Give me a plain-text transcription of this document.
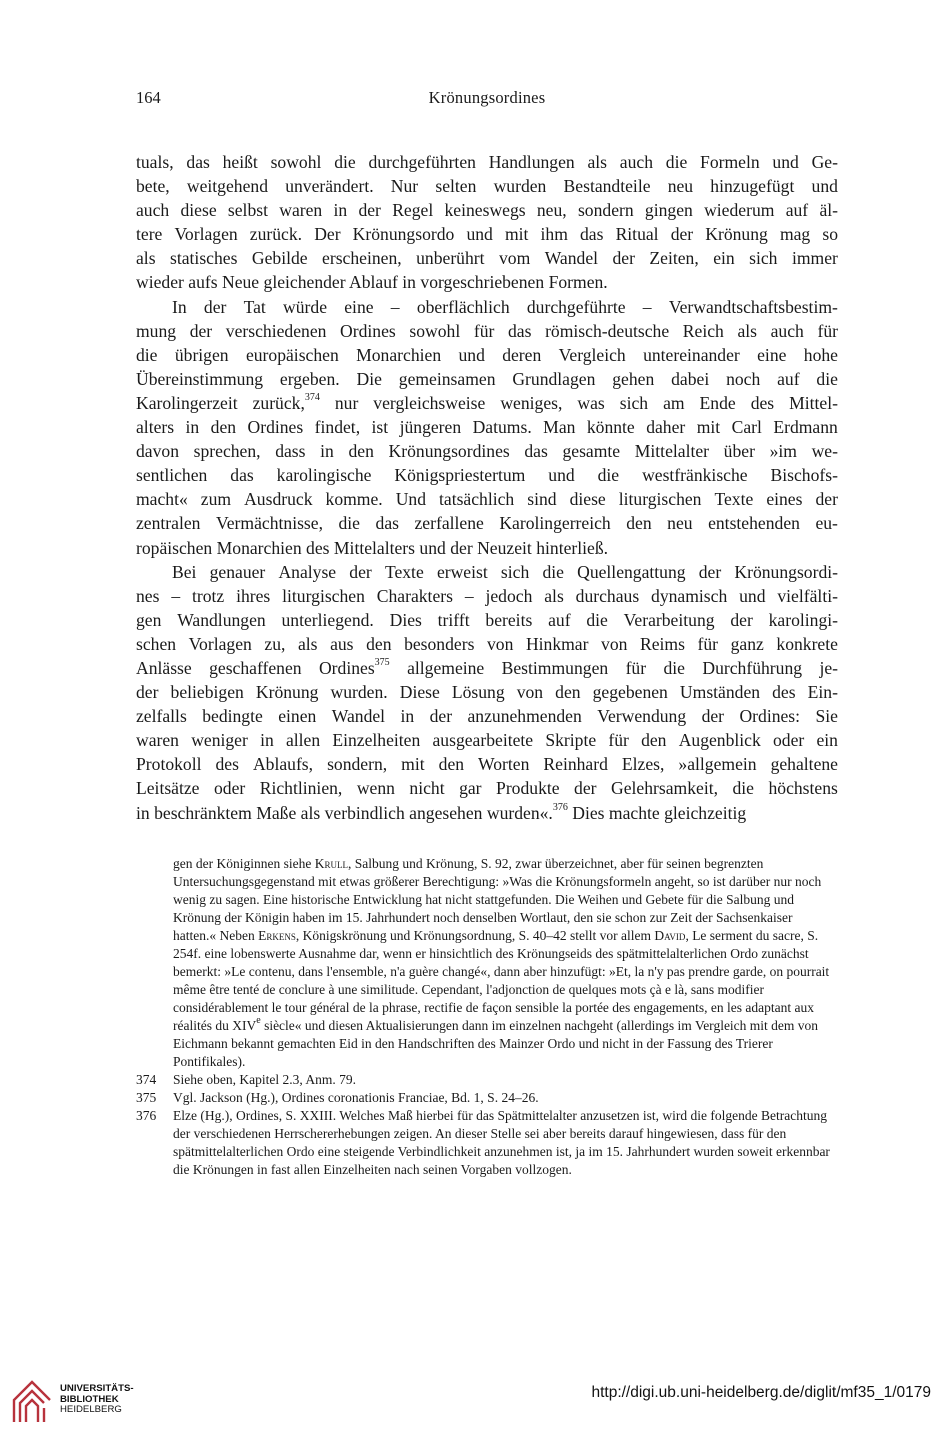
164	Krönungsordines
tuals, das heißt sowohl die durchgeführten Handlungen als auch die Formeln und Ge-
bete, weitgehend unverändert. Nur selten wurden Bestandteile neu hinzugefügt und
auch diese selbst waren in der Regel keineswegs neu, sondern gingen wiederum auf äl-
tere Vorlagen zurück. Der Krönungsordo und mit ihm das Ritual der Krönung mag so
als statisches Gebilde erscheinen, unberührt vom Wandel der Zeiten, ein sich immer
wieder aufs Neue gleichender Ablauf in vorgeschriebenen Formen.
In der Tat würde eine – oberflächlich durchgeführte – Verwandtschaftsbestim-
mung der verschiedenen Ordines sowohl für das römisch-deutsche Reich als auch für
die übrigen europäischen Monarchien und deren Vergleich untereinander eine hohe
Übereinstimmung ergeben. Die gemeinsamen Grundlagen gehen dabei noch auf die
Karolingerzeit zurück,$^{374}$ nur vergleichsweise weniges, was sich am Ende des Mittel-
alters in den Ordines findet, ist jüngeren Datums. Man könnte daher mit Carl Erdmann
davon sprechen, dass in den Krönungsordines das gesamte Mittelalter über »im we-
sentlichen das karolingische Königspriestertum und die westfränkische Bischofs-
macht« zum Ausdruck komme. Und tatsächlich sind diese liturgischen Texte eines der
zentralen Vermächtnisse, die das zerfallene Karolingerreich den neu entstehenden eu-
ropäischen Monarchien des Mittelalters und der Neuzeit hinterließ.
Bei genauer Analyse der Texte erweist sich die Quellengattung der Krönungsordi-
nes – trotz ihres liturgischen Charakters – jedoch als durchaus dynamisch und vielfälti-
gen Wandlungen unterliegend. Dies trifft bereits auf die Verarbeitung der karolingi-
schen Vorlagen zu, als aus den besonders von Hinkmar von Reims für ganz konkrete
Anlässe geschaffenen Ordines$^{375}$ allgemeine Bestimmungen für die Durchführung je-
der beliebigen Krönung wurden. Diese Lösung von den gegebenen Umständen des Ein-
zelfalls bedingte einen Wandel in der anzunehmenden Verwendung der Ordines: Sie
waren weniger in allen Einzelheiten ausgearbeitete Skripte für den Augenblick oder ein
Protokoll des Ablaufs, sondern, mit den Worten Reinhard Elzes, »allgemein gehaltene
Leitsätze oder Richtlinien, wenn nicht gar Produkte der Gelehrsamkeit, die höchstens
in beschränktem Maße als verbindlich angesehen wurden«.$^{376}$ Dies machte gleichzeitig
gen der Königinnen siehe Krull, Salbung und Krönung, S. 92, zwar überzeichnet, aber für seinen begrenzten Untersuchungsgegenstand mit etwas größerer Berechtigung: »Was die Krönungsformeln angeht, so ist darüber nur noch wenig zu sagen. Eine historische Entwicklung hat nicht stattgefunden. Die Weihen und Gebete für die Salbung und Krönung der Königin haben im 15. Jahrhundert noch denselben Wortlaut, den sie schon zur Zeit der Sachsenkaiser hatten.« Neben Erkens, Königskrönung und Krönungsordnung, S. 40–42 stellt vor allem David, Le serment du sacre, S. 254f. eine lobenswerte Ausnahme dar, wenn er hinsichtlich des Krönungseids des spätmittelalterlichen Ordo zunächst bemerkt: »Le contenu, dans l'ensemble, n'a guère changé«, dann aber hinzufügt: »Et, la n'y pas prendre garde, on pourrait même être tenté de conclure à une similitude. Cependant, l'adjonction de quelques mots çà e là, sans modifier considérablement le tour général de la phrase, rectifie de façon sensible la portée des engagements, en les adaptant aux réalités du XIVe siècle« und diesen Aktualisierungen dann im einzelnen nachgeht (allerdings im Vergleich mit dem von Eichmann bekannt gemachten Eid in den Handschriften des Mainzer Ordo und nicht in der Fassung des Trierer Pontifikales).
374	Siehe oben, Kapitel 2.3, Anm. 79.
375	Vgl. Jackson (Hg.), Ordines coronationis Franciae, Bd. 1, S. 24–26.
376	Elze (Hg.), Ordines, S. XXIII. Welches Maß hierbei für das Spätmittelalter anzusetzen ist, wird die folgende Betrachtung der verschiedenen Herrschererhebungen zeigen. An dieser Stelle sei aber bereits darauf hingewiesen, dass für den spätmittelalterlichen Ordo eine steigende Verbindlichkeit anzunehmen ist, ja im 15. Jahrhundert wurden soweit erkennbar die Krönungen in fast allen Einzelheiten nach seinen Vorgaben vollzogen.
UNIVERSITÄTS-
BIBLIOTHEK
HEIDELBERG
http://digi.ub.uni-heidelberg.de/diglit/mf35_1/0179
